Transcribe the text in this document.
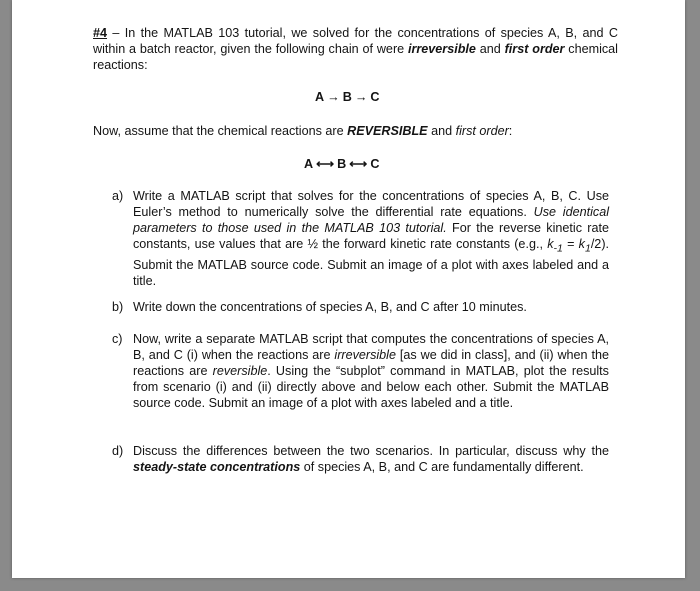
#4 – In the MATLAB 103 tutorial, we solved for the concentrations of species A, B, and C within a batch reactor, given the following chain of were irreversible and first order chemical reactions:
A → B → C
Now, assume that the chemical reactions are REVERSIBLE and first order:
A ⟷ B ⟷ C
a) Write a MATLAB script that solves for the concentrations of species A, B, C. Use Euler’s method to numerically solve the differential rate equations. Use identical parameters to those used in the MATLAB 103 tutorial. For the reverse kinetic rate constants, use values that are ½ the forward kinetic rate constants (e.g., $k_{-1} = k_1/2$). Submit the MATLAB source code. Submit an image of a plot with axes labeled and a title.
b) Write down the concentrations of species A, B, and C after 10 minutes.
c) Now, write a separate MATLAB script that computes the concentrations of species A, B, and C (i) when the reactions are irreversible [as we did in class], and (ii) when the reactions are reversible. Using the “subplot” command in MATLAB, plot the results from scenario (i) and (ii) directly above and below each other. Submit the MATLAB source code. Submit an image of a plot with axes labeled and a title.
d) Discuss the differences between the two scenarios. In particular, discuss why the steady-state concentrations of species A, B, and C are fundamentally different.
